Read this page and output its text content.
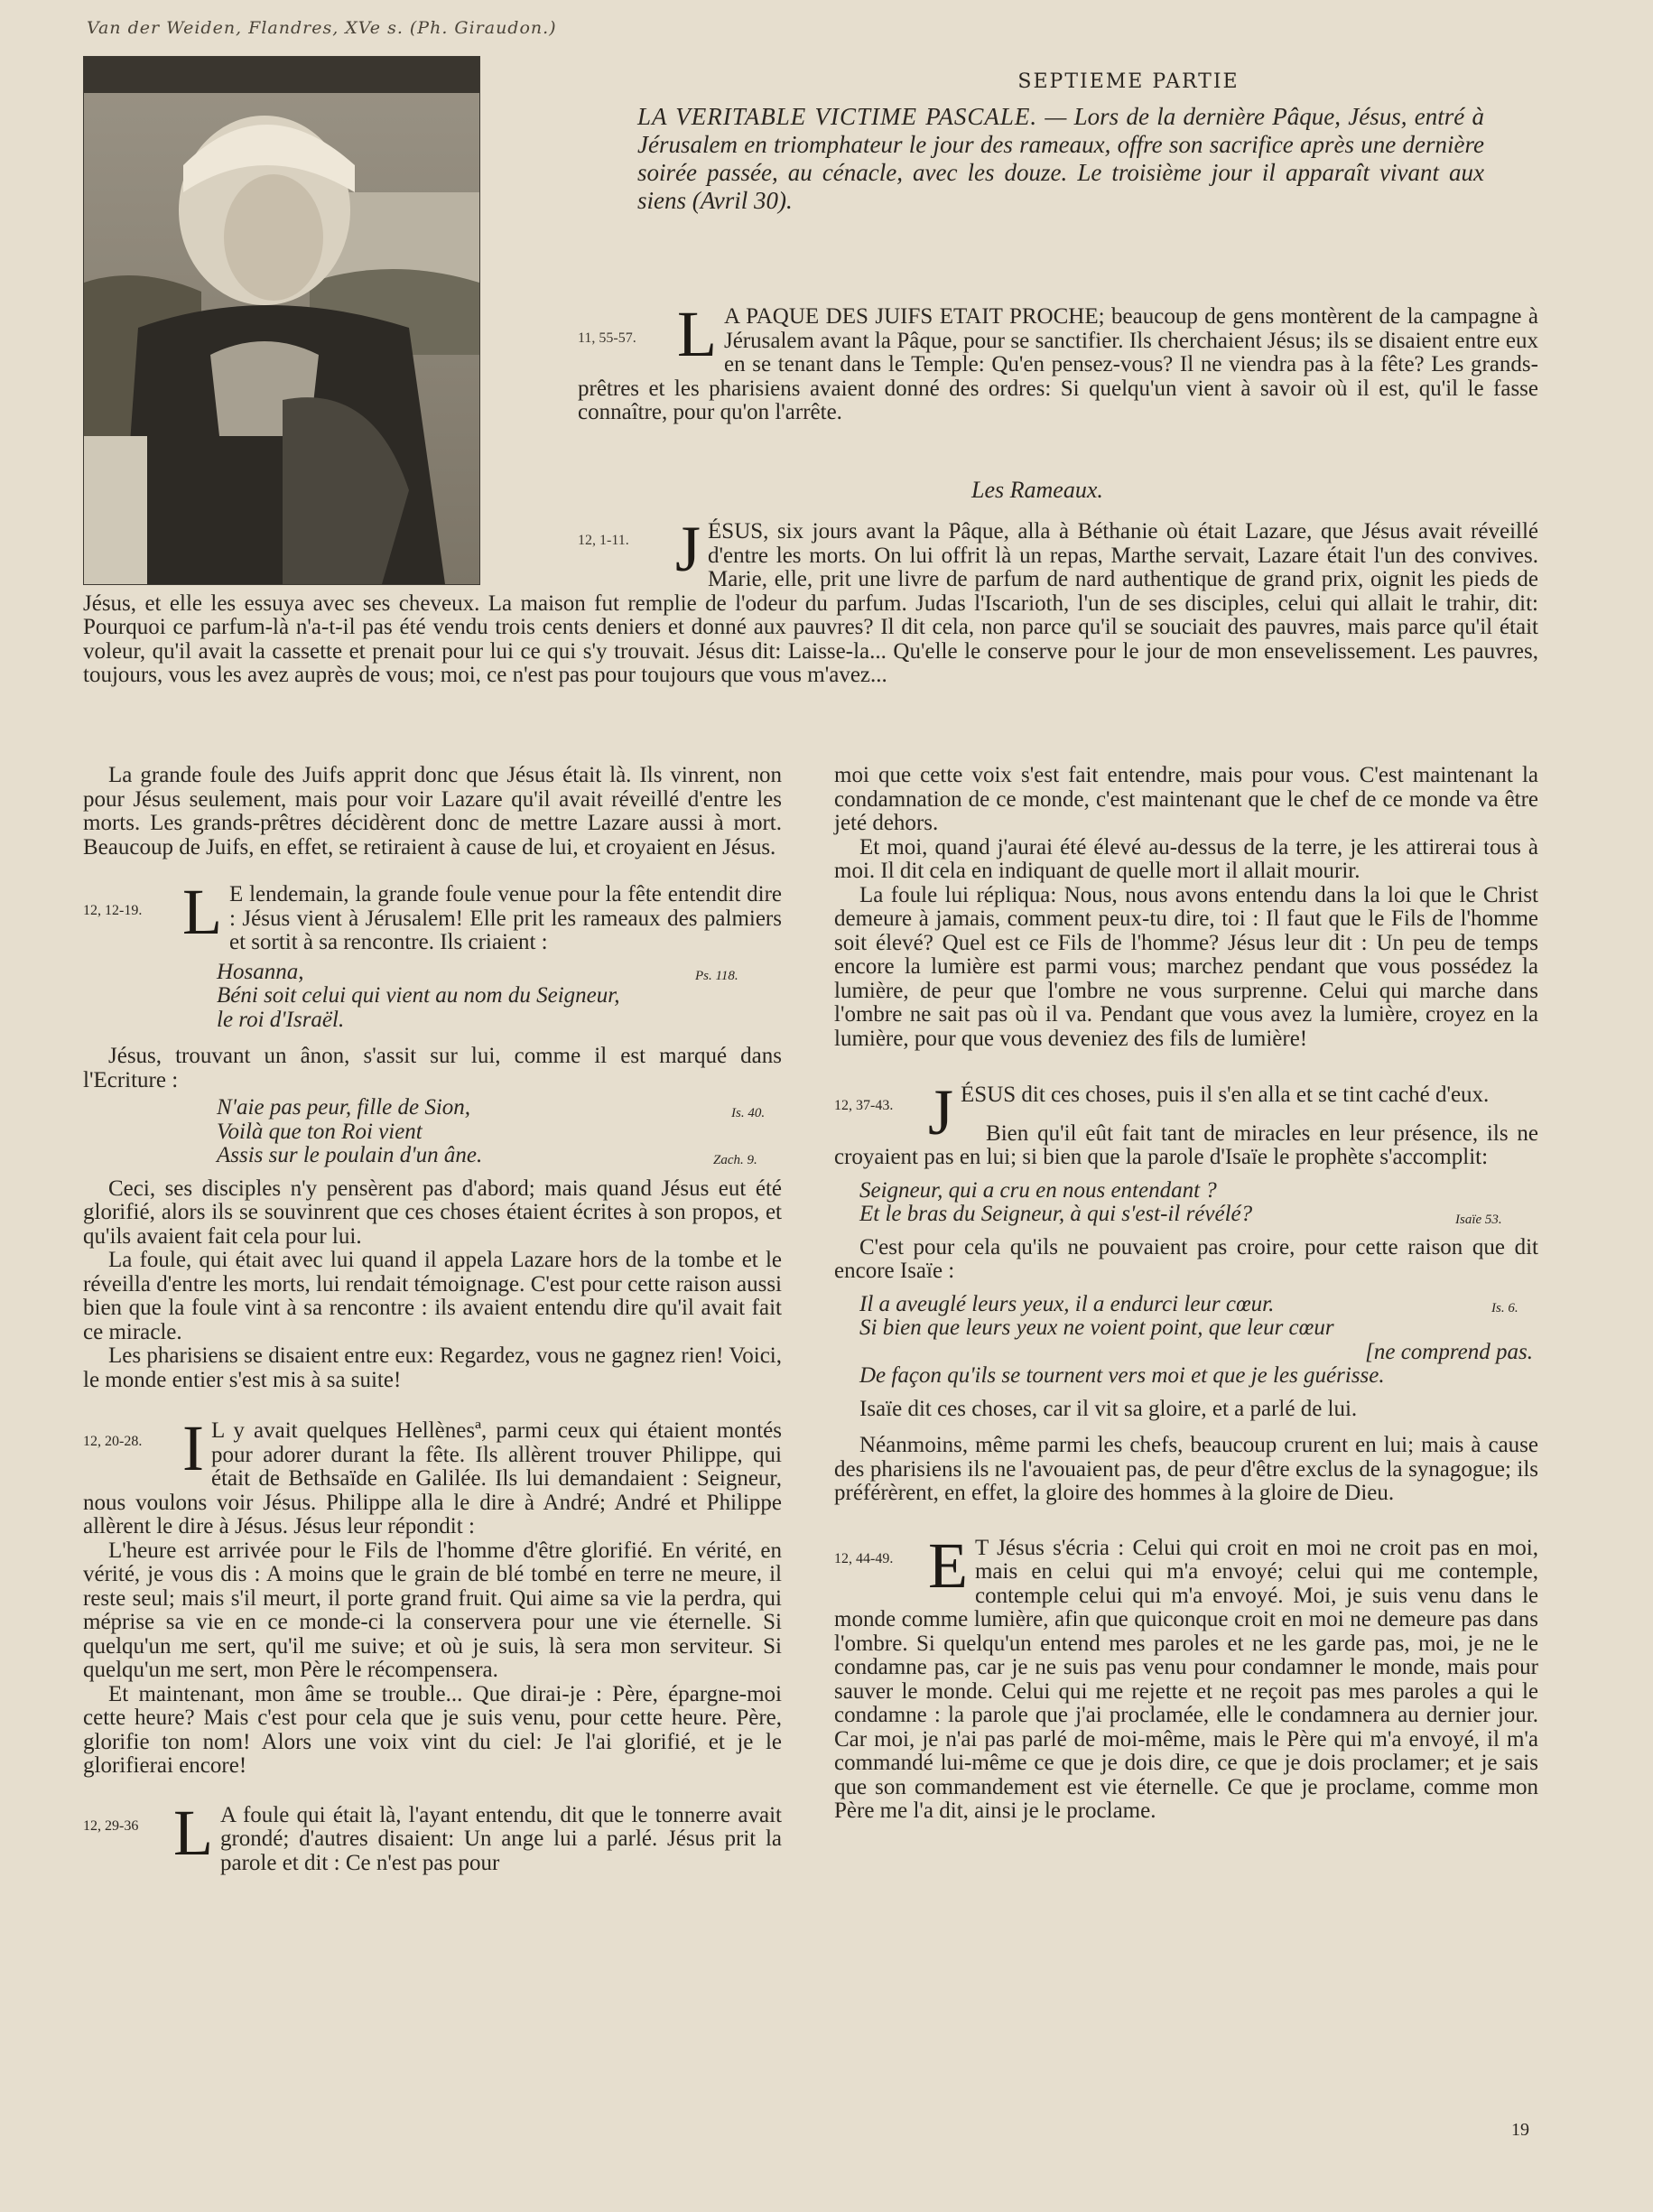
Van der Weiden, Flandres, XVe s. (Ph. Giraudon.)
SEPTIEME PARTIE
LA VERITABLE VICTIME PASCALE. — Lors de la dernière Pâque, Jésus, entré à Jérusalem en triomphateur le jour des rameaux, offre son sacrifice après une dernière soirée passée, au cénacle, avec les douze. Le troisième jour il apparaît vivant aux siens (Avril 30).
11, 55-57. L A PAQUE DES JUIFS ETAIT PROCHE; beaucoup de gens montèrent de la campagne à Jérusalem avant la Pâque, pour se sanctifier. Ils cherchaient Jésus; ils se disaient entre eux en se tenant dans le Temple: Qu'en pensez-vous? Il ne viendra pas à la fête? Les grands-prêtres et les pharisiens avaient donné des ordres: Si quelqu'un vient à savoir où il est, qu'il le fasse connaître, pour qu'on l'arrête.
Les Rameaux.
12, 1-11. JÉSUS, six jours avant la Pâque, alla à Béthanie où était Lazare, que Jésus avait réveillé d'entre les morts. On lui offrit là un repas, Marthe servait, Lazare était l'un des convives. Marie, elle, prit une livre de parfum de nard authentique de grand prix, oignit les pieds de Jésus, et elle les essuya avec ses cheveux. La maison fut remplie de l'odeur du parfum. Judas l'Iscarioth, l'un de ses disciples, celui qui allait le trahir, dit: Pourquoi ce parfum-là n'a-t-il pas été vendu trois cents deniers et donné aux pauvres? Il dit cela, non parce qu'il se souciait des pauvres, mais parce qu'il était voleur, qu'il avait la cassette et prenait pour lui ce qui s'y trouvait. Jésus dit: Laisse-la... Qu'elle le conserve pour le jour de mon ensevelissement. Les pauvres, toujours, vous les avez auprès de vous; moi, ce n'est pas pour toujours que vous m'avez...

La grande foule des Juifs apprit donc que Jésus était là. Ils vinrent, non pour Jésus seulement, mais pour voir Lazare qu'il avait réveillé d'entre les morts. Les grands-prêtres décidèrent donc de mettre Lazare aussi à mort. Beaucoup de Juifs, en effet, se retiraient à cause de lui, et croyaient en Jésus.

12, 12-19. L E lendemain, la grande foule venue pour la fête entendit dire : Jésus vient à Jérusalem! Elle prit les rameaux des palmiers et sortit à sa rencontre. Ils criaient :
Hosanna,
Béni soit celui qui vient au nom du Seigneur,
le roi d'Israël.
Ps. 118.

Jésus, trouvant un ânon, s'assit sur lui, comme il est marqué dans l'Ecriture :

N'aie pas peur, fille de Sion,
Voilà que ton Roi vient
Assis sur le poulain d'un âne.
Is. 40.
Zach. 9.

Ceci, ses disciples n'y pensèrent pas d'abord; mais quand Jésus eut été glorifié, alors ils se souvinrent que ces choses étaient écrites à son propos, et qu'ils avaient fait cela pour lui.

La foule, qui était avec lui quand il appela Lazare hors de la tombe et le réveilla d'entre les morts, lui rendait témoignage. C'est pour cette raison aussi bien que la foule vint à sa rencontre : ils avaient entendu dire qu'il avait fait ce miracle.

Les pharisiens se disaient entre eux: Regardez, vous ne gagnez rien! Voici, le monde entier s'est mis à sa suite!

12, 20-28. I L y avait quelques Hellènesª, parmi ceux qui étaient montés pour adorer durant la fête. Ils allèrent trouver Philippe, qui était de Bethsaïde en Galilée. Ils lui demandaient : Seigneur, nous voulons voir Jésus. Philippe alla le dire à André; André et Philippe allèrent le dire à Jésus. Jésus leur répondit :

L'heure est arrivée pour le Fils de l'homme d'être glorifié. En vérité, en vérité, je vous dis : A moins que le grain de blé tombé en terre ne meure, il reste seul; mais s'il meurt, il porte grand fruit. Qui aime sa vie la perdra, qui méprise sa vie en ce monde-ci la conservera pour une vie éternelle. Si quelqu'un me sert, qu'il me suive; et où je suis, là sera mon serviteur. Si quelqu'un me sert, mon Père le récompensera.

Et maintenant, mon âme se trouble... Que dirai-je : Père, épargne-moi cette heure? Mais c'est pour cela que je suis venu, pour cette heure. Père, glorifie ton nom! Alors une voix vint du ciel: Je l'ai glorifié, et je le glorifierai encore!

12, 29-36 L A foule qui était là, l'ayant entendu, dit que le tonnerre avait grondé; d'autres disaient: Un ange lui a parlé. Jésus prit la parole et dit : Ce n'est pas pour

moi que cette voix s'est fait entendre, mais pour vous. C'est maintenant la condamnation de ce monde, c'est maintenant que le chef de ce monde va être jeté dehors.

Et moi, quand j'aurai été élevé au-dessus de la terre, je les attirerai tous à moi. Il dit cela en indiquant de quelle mort il allait mourir.

La foule lui répliqua: Nous, nous avons entendu dans la loi que le Christ demeure à jamais, comment peux-tu dire, toi : Il faut que le Fils de l'homme soit élevé? Quel est ce Fils de l'homme? Jésus leur dit : Un peu de temps encore la lumière est parmi vous; marchez pendant que vous possédez la lumière, de peur que l'ombre ne vous surprenne. Celui qui marche dans l'ombre ne sait pas où il va. Pendant que vous avez la lumière, croyez en la lumière, pour que vous deveniez des fils de lumière!

12, 37-43. J ÉSUS dit ces choses, puis il s'en alla et se tint caché d'eux.

Bien qu'il eût fait tant de miracles en leur présence, ils ne croyaient pas en lui; si bien que la parole d'Isaïe le prophète s'accomplit:

Seigneur, qui a cru en nous entendant ?
Et le bras du Seigneur, à qui s'est-il révélé?	Isaïe 53.

C'est pour cela qu'ils ne pouvaient pas croire, pour cette raison que dit encore Isaïe :

Il a aveuglé leurs yeux, il a endurci leur cœur.
Si bien que leurs yeux ne voient point, que leur cœur
[ne comprend pas.
De façon qu'ils se tournent vers moi et que je les guérisse.
Is. 6.

Isaïe dit ces choses, car il vit sa gloire, et a parlé de lui.

Néanmoins, même parmi les chefs, beaucoup crurent en lui; mais à cause des pharisiens ils ne l'avouaient pas, de peur d'être exclus de la synagogue; ils préférèrent, en effet, la gloire des hommes à la gloire de Dieu.

12, 44-49. E T Jésus s'écria : Celui qui croit en moi ne croit pas en moi, mais en celui qui m'a envoyé; celui qui me contemple, contemple celui qui m'a envoyé. Moi, je suis venu dans le monde comme lumière, afin que quiconque croit en moi ne demeure pas dans l'ombre. Si quelqu'un entend mes paroles et ne les garde pas, moi, je ne le condamne pas, car je ne suis pas venu pour condamner le monde, mais pour sauver le monde. Celui qui me rejette et ne reçoit pas mes paroles a qui le condamne : la parole que j'ai proclamée, elle le condamnera au dernier jour. Car moi, je n'ai pas parlé de moi-même, mais le Père qui m'a envoyé, il m'a commandé lui-même ce que je dois dire, ce que je dois proclamer; et je sais que son commandement est vie éternelle. Ce que je proclame, comme mon Père me l'a dit, ainsi je le proclame.
19
